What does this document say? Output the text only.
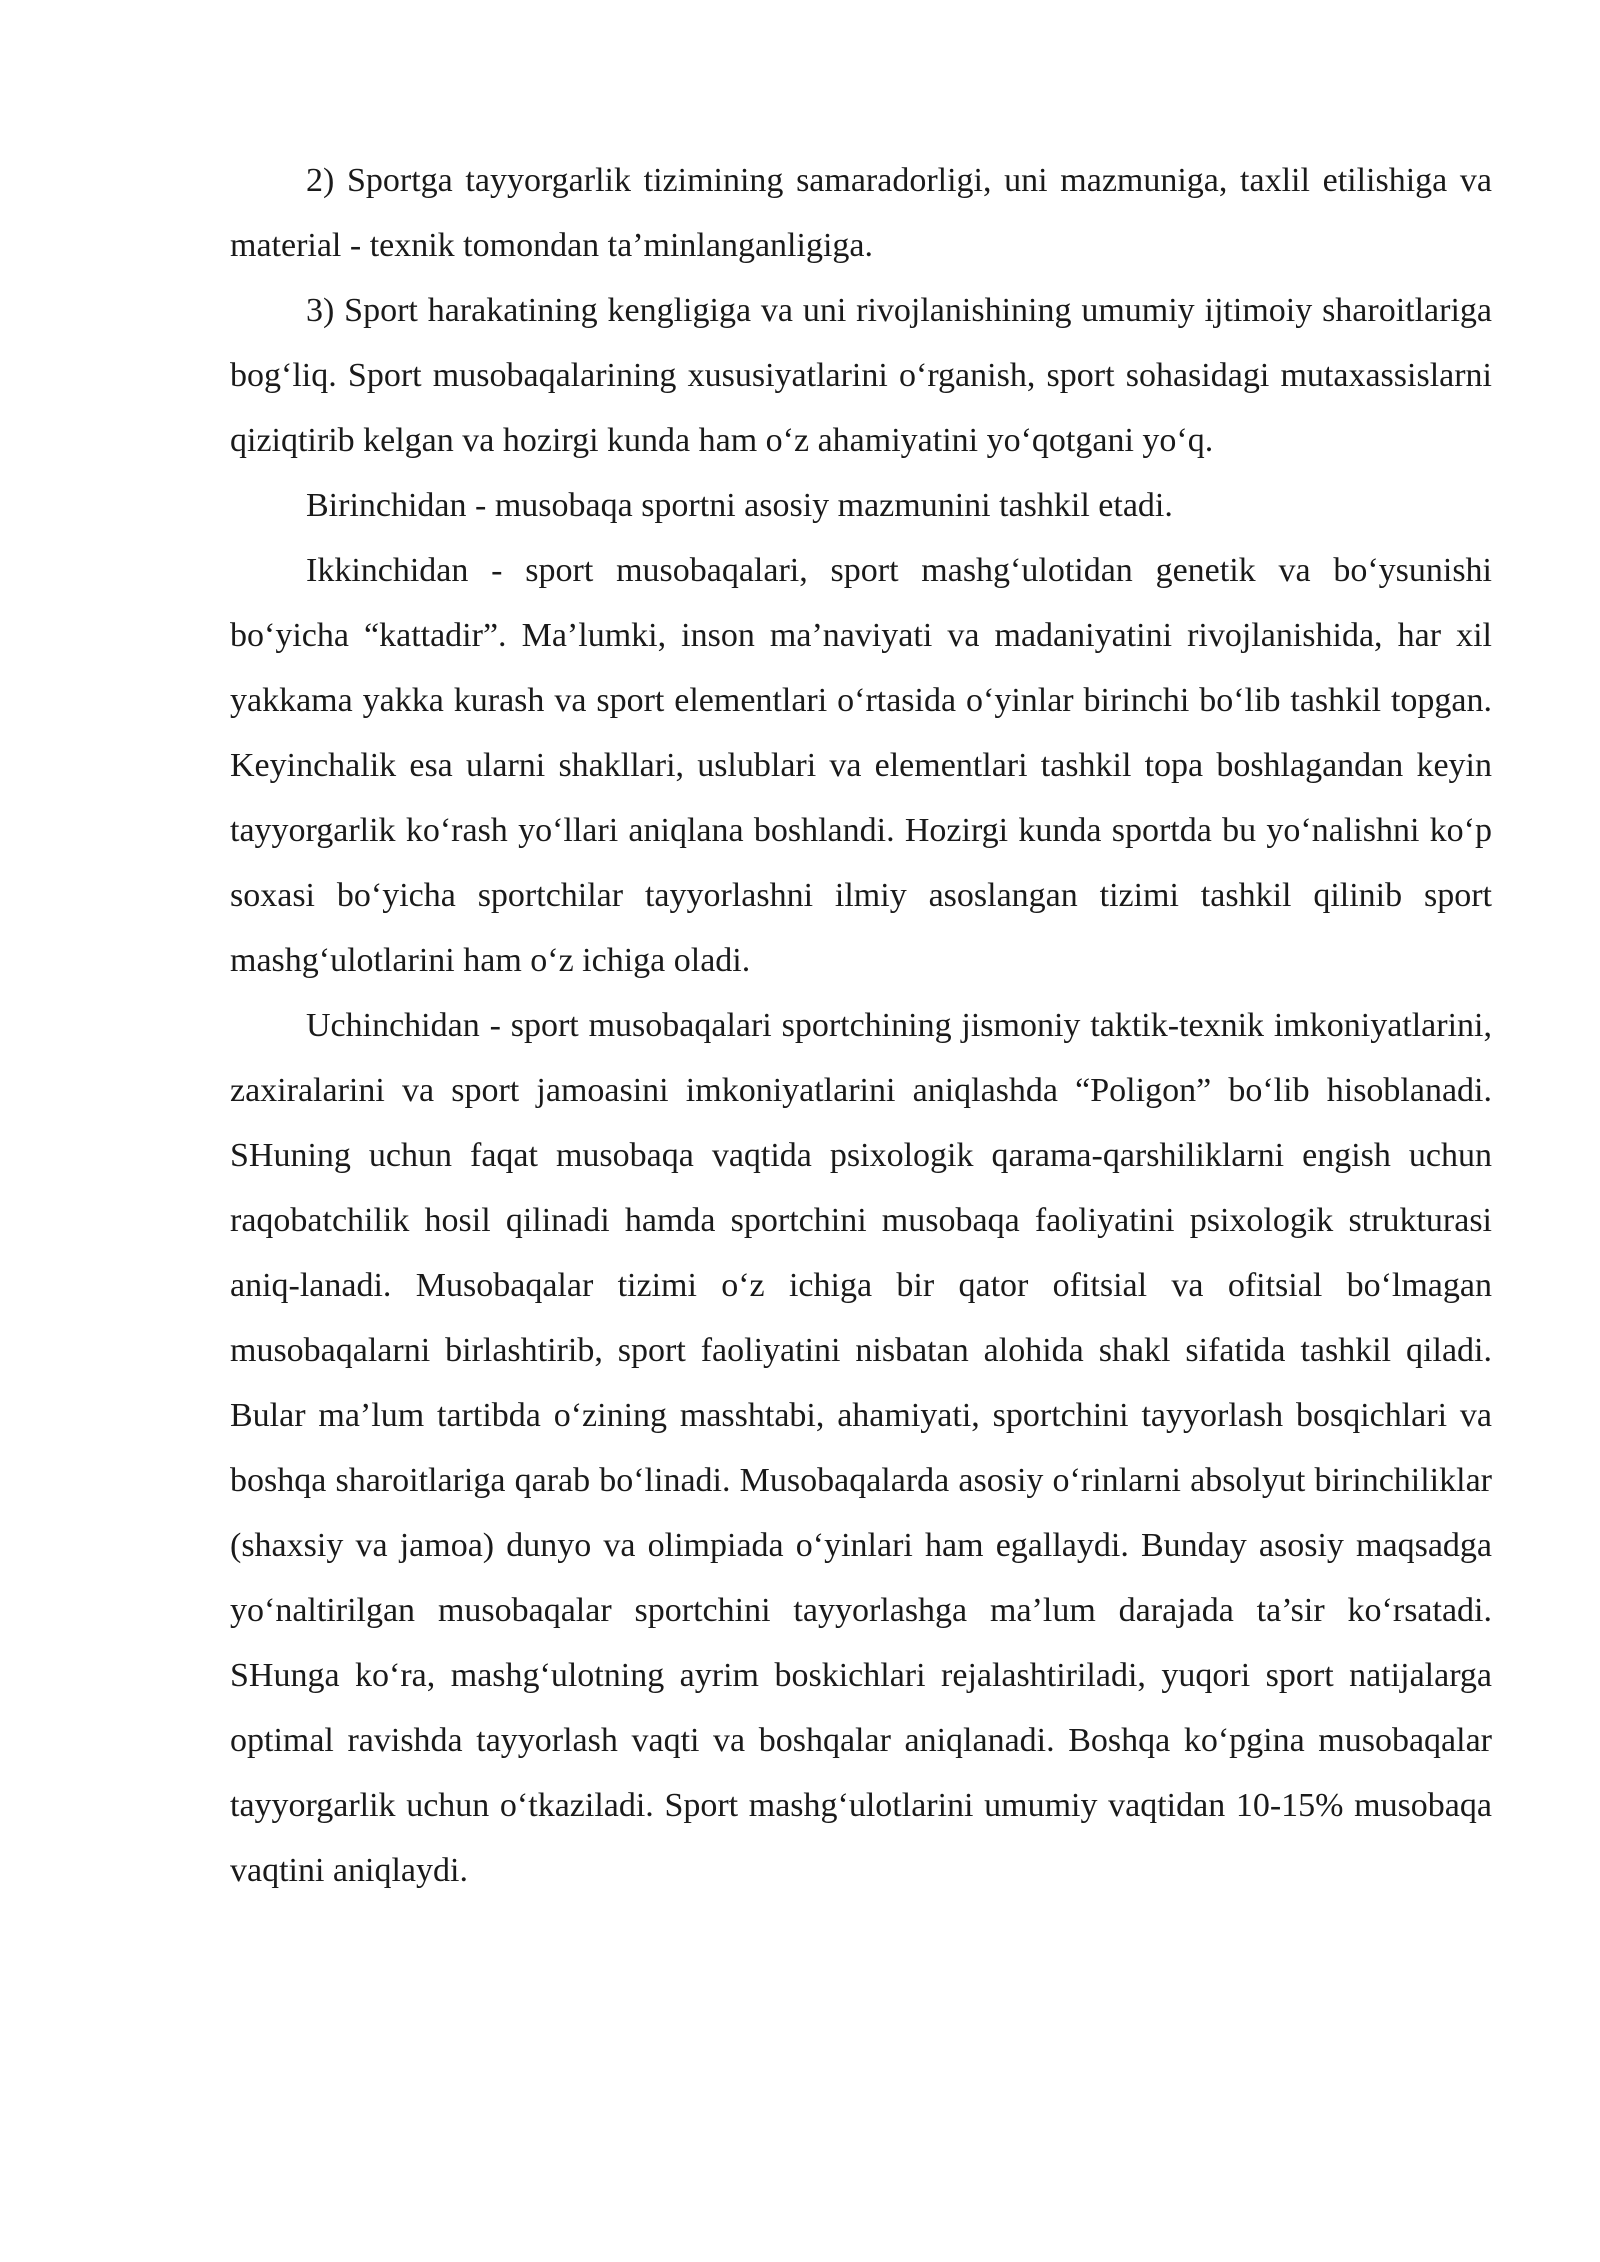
2) Sportga tayyorgarlik tizimining samaradorligi, uni mazmuniga, taxlil etilishiga va material - texnik tomondan ta’minlanganligiga.

3) Sport harakatining kengligiga va uni rivojlanishining umumiy ijtimoiy sharoitlariga bog‘liq. Sport musobaqalarining xususiyatlarini o‘rganish, sport sohasidagi mutaxassislarni qiziqtirib kelgan va hozirgi kunda ham o‘z ahamiyatini yo‘qotgani yo‘q.

Birinchidan - musobaqa sportni asosiy mazmunini tashkil etadi.

Ikkinchidan - sport musobaqalari, sport mashg‘ulotidan genetik va bo‘ysunishi bo‘yicha “kattadir”. Ma’lumki, inson ma’naviyati va madaniyatini rivojlanishida, har xil yakkama yakka kurash va sport elementlari o‘rtasida o‘yinlar birinchi bo‘lib tashkil topgan. Keyinchalik esa ularni shakllari, uslublari va elementlari tashkil topa boshlagandan keyin tayyorgarlik ko‘rash yo‘llari aniqlana boshlandi. Hozirgi kunda sportda bu yo‘nalishni ko‘p soxasi bo‘yicha sportchilar tayyorlashni ilmiy asoslangan tizimi tashkil qilinib sport mashg‘ulotlarini ham o‘z ichiga oladi.

Uchinchidan - sport musobaqalari sportchining jismoniy taktik-texnik imkoniyatlarini, zaxiralarini va sport jamoasini imkoniyatlarini aniqlashda “Poligon” bo‘lib hisoblanadi. SHuning uchun faqat musobaqa vaqtida psixologik qarama-qarshiliklarni engish uchun raqobatchilik hosil qilinadi hamda sportchini musobaqa faoliyatini psixologik strukturasi aniq-lanadi. Musobaqalar tizimi o‘z ichiga bir qator ofitsial va ofitsial bo‘lmagan musobaqalarni birlashtirib, sport faoliyatini nisbatan alohida shakl sifatida tashkil qiladi. Bular ma’lum tartibda o‘zining masshtabi, ahamiyati, sportchini tayyorlash bosqichlari va boshqa sharoitlariga qarab bo‘linadi. Musobaqalarda asosiy o‘rinlarni absolyut birinchiliklar (shaxsiy va jamoa) dunyo va olimpiada o‘yinlari ham egallaydi. Bunday asosiy maqsadga yo‘naltirilgan musobaqalar sportchini tayyorlashga ma’lum darajada ta’sir ko‘rsatadi. SHunga ko‘ra, mashg‘ulotning ayrim boskichlari rejalashtiriladi, yuqori sport natijalarga optimal ravishda tayyorlash vaqti va boshqalar aniqlanadi. Boshqa ko‘pgina musobaqalar tayyorgarlik uchun o‘tkaziladi. Sport mashg‘ulotlarini umumiy vaqtidan 10-15% musobaqa vaqtini aniqlaydi.
